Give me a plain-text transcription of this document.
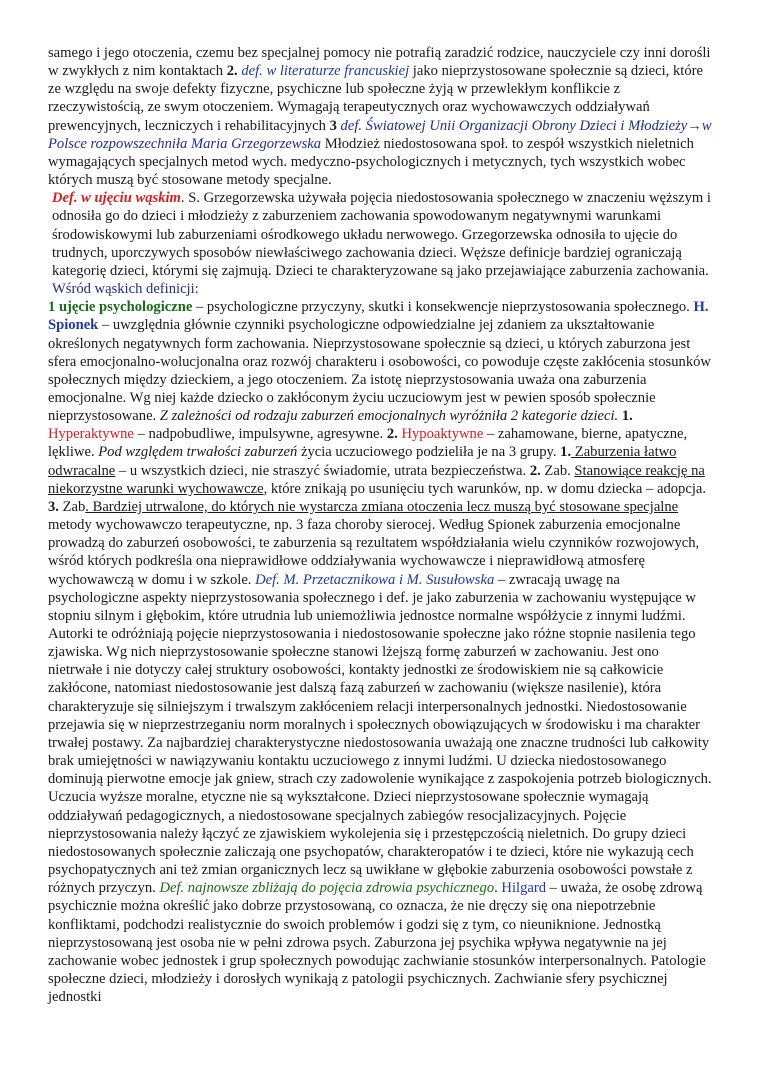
samego i jego otoczenia, czemu bez specjalnej pomocy nie potrafią zaradzić rodzice, nauczyciele czy inni dorośli w zwykłych z nim kontaktach 2. def. w literaturze francuskiej jako nieprzystosowane społecznie są dzieci, które ze względu na swoje defekty fizyczne, psychiczne lub społeczne żyją w przewlekłym konflikcie z rzeczywistością, ze swym otoczeniem. Wymagają terapeutycznych oraz wychowawczych oddziaływań prewencyjnych, leczniczych i rehabilitacyjnych 3 def. Światowej Unii Organizacji Obrony Dzieci i Młodzieży→w Polsce rozpowszechniła Maria Grzegorzewska Młodzież niedostosowana społ. to zespół wszystkich nieletnich wymagających specjalnych metod wych. medyczno-psychologicznych i metycznych, tych wszystkich wobec których muszą być stosowane metody specjalne.

Def. w ujęciu wąskim. S. Grzegorzewska używała pojęcia niedostosowania społecznego w znaczeniu węższym i odnosiła go do dzieci i młodzieży z zaburzeniem zachowania spowodowanym negatywnymi warunkami środowiskowymi lub zaburzeniami ośrodkowego układu nerwowego. Grzegorzewska odnosiła to ujęcie do trudnych, uporczywych sposobów niewłaściwego zachowania dzieci. Węższe definicje bardziej ograniczają kategorię dzieci, którymi się zajmują. Dzieci te charakteryzowane są jako przejawiające zaburzenia zachowania.

Wśród wąskich definicji:

1 ujęcie psychologiczne – psychologiczne przyczyny, skutki i konsekwencje nieprzystosowania społecznego. H. Spionek – uwzględnia głównie czynniki psychologiczne odpowiedzialne jej zdaniem za ukształtowanie określonych negatywnych form zachowania. Nieprzystosowane społecznie są dzieci, u których zaburzona jest sfera emocjonalno-wolucjonalna oraz rozwój charakteru i osobowości, co powoduje częste zakłócenia stosunków społecznych między dzieckiem, a jego otoczeniem. Za istotę nieprzystosowania uważa ona zaburzenia emocjonalne. Wg niej każde dziecko o zakłóconym życiu uczuciowym jest w pewien sposób społecznie nieprzystosowane. Z zależności od rodzaju zaburzeń emocjonalnych wyróżniła 2 kategorie dzieci. 1. Hyperaktywne – nadpobudliwe, impulsywne, agresywne. 2. Hypoaktywne – zahamowane, bierne, apatyczne, lękliwe. Pod względem trwałości zaburzeń życia uczuciowego podzieliła je na 3 grupy. 1. Zaburzenia łatwo odwracalne – u wszystkich dzieci, nie straszyć świadomie, utrata bezpieczeństwa. 2. Zab. Stanowiące reakcję na niekorzystne warunki wychowawcze, które znikają po usunięciu tych warunków, np. w domu dziecka – adopcja. 3. Zab. Bardziej utrwalone, do których nie wystarcza zmiana otoczenia lecz muszą być stosowane specjalne metody wychowawczo terapeutyczne, np. 3 faza choroby sierocej. Według Spionek zaburzenia emocjonalne prowadzą do zaburzeń osobowości, te zaburzenia są rezultatem współdziałania wielu czynników rozwojowych, wśród których podkreśla ona nieprawidłowe oddziaływania wychowawcze i nieprawidłową atmosferę wychowawczą w domu i w szkole. Def. M. Przetacznikowa i M. Susułowska – zwracają uwagę na psychologiczne aspekty nieprzystosowania społecznego i def. je jako zaburzenia w zachowaniu występujące w stopniu silnym i głębokim, które utrudnia lub uniemożliwia jednostce normalne współżycie z innymi ludźmi. Autorki te odróżniają pojęcie nieprzystosowania i niedostosowanie społeczne jako różne stopnie nasilenia tego zjawiska. Wg nich nieprzystosowanie społeczne stanowi lżejszą formę zaburzeń w zachowaniu. Jest ono nietrwałe i nie dotyczy całej struktury osobowości, kontakty jednostki ze środowiskiem nie są całkowicie zakłócone, natomiast niedostosowanie jest dalszą fazą zaburzeń w zachowaniu (większe nasilenie), która charakteryzuje się silniejszym i trwalszym zakłóceniem relacji interpersonalnych jednostki. Niedostosowanie przejawia się w nieprzestrzeganiu norm moralnych i społecznych obowiązujących w środowisku i ma charakter trwałej postawy. Za najbardziej charakterystyczne niedostosowania uważają one znaczne trudności lub całkowity brak umiejętności w nawiązywaniu kontaktu uczuciowego z innymi ludźmi. U dziecka niedostosowanego dominują pierwotne emocje jak gniew, strach czy zadowolenie wynikające z zaspokojenia potrzeb biologicznych. Uczucia wyższe moralne, etyczne nie są wykształcone. Dzieci nieprzystosowane społecznie wymagają oddziaływań pedagogicznych, a niedostosowane specjalnych zabiegów resocjalizacyjnych. Pojęcie nieprzystosowania należy łączyć ze zjawiskiem wykolejenia się i przestępczością nieletnich. Do grupy dzieci niedostosowanych społecznie zaliczają one psychopatów, charakteropatów i te dzieci, które nie wykazują cech psychopatycznych ani też zmian organicznych lecz są uwikłane w głębokie zaburzenia osobowości powstałe z różnych przyczyn. Def. najnowsze zbliżają do pojęcia zdrowia psychicznego. Hilgard – uważa, że osobę zdrową psychicznie można określić jako dobrze przystosowaną, co oznacza, że nie dręczy się ona niepotrzebnie konfliktami, podchodzi realistycznie do swoich problemów i godzi się z tym, co nieuniknione. Jednostką nieprzystosowaną jest osoba nie w pełni zdrowa psych. Zaburzona jej psychika wpływa negatywnie na jej zachowanie wobec jednostek i grup społecznych powodując zachwianie stosunków interpersonalnych. Patologie społeczne dzieci, młodzieży i dorosłych wynikają z patologii psychicznych. Zachwianie sfery psychicznej jednostki
